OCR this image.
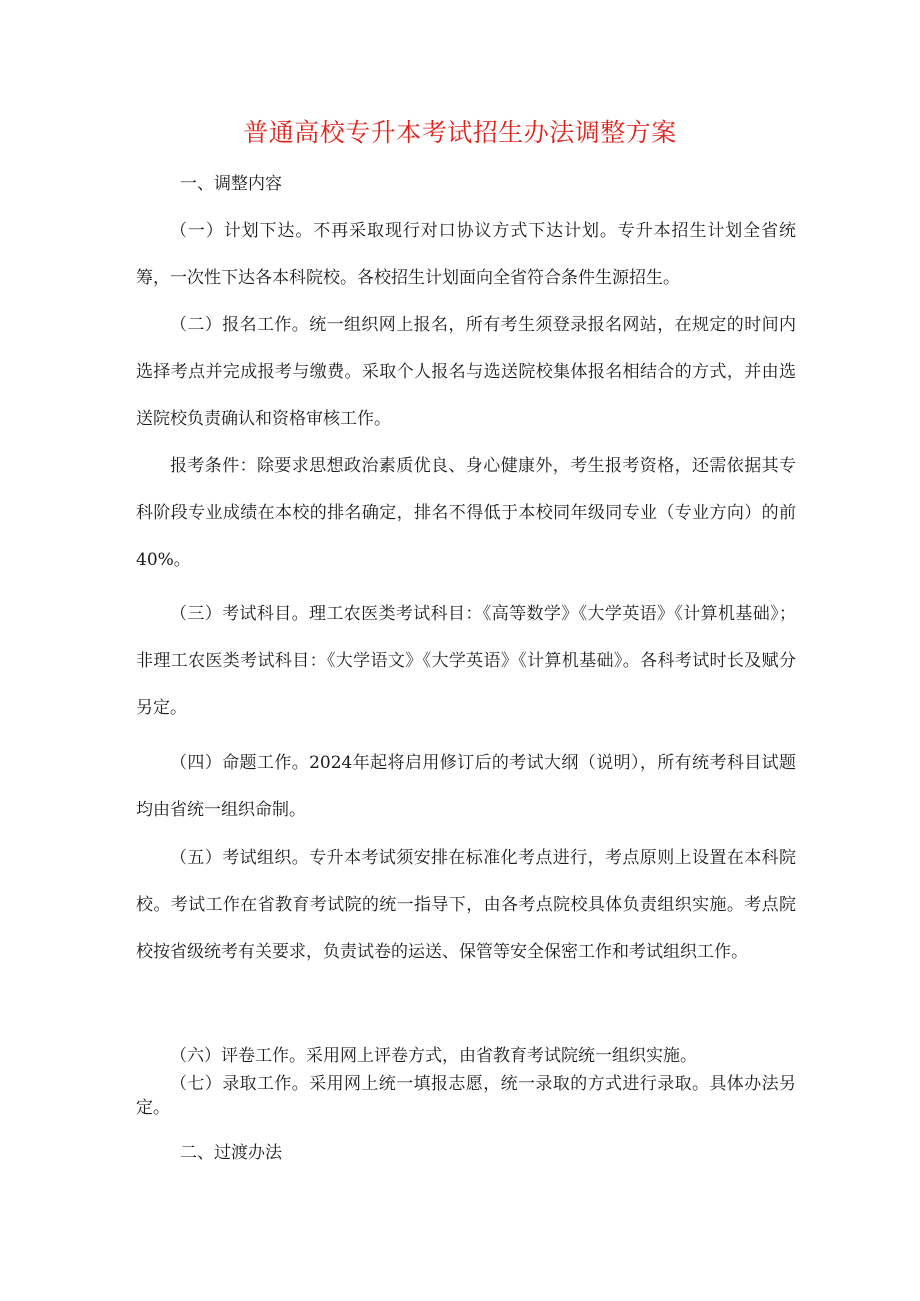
普通高校专升本考试招生办法调整方案

一、调整内容

（一）计划下达。不再采取现行对口协议方式下达计划。专升本招生计划全省统筹，一次性下达各本科院校。各校招生计划面向全省符合条件生源招生。

（二）报名工作。统一组织网上报名，所有考生须登录报名网站，在规定的时间内选择考点并完成报考与缴费。采取个人报名与选送院校集体报名相结合的方式，并由选送院校负责确认和资格审核工作。

报考条件：除要求思想政治素质优良、身心健康外，考生报考资格，还需依据其专科阶段专业成绩在本校的排名确定，排名不得低于本校同年级同专业（专业方向）的前40%。

（三）考试科目。理工农医类考试科目：《高等数学》《大学英语》《计算机基础》；非理工农医类考试科目：《大学语文》《大学英语》《计算机基础》。各科考试时长及赋分另定。

（四）命题工作。2024年起将启用修订后的考试大纲（说明），所有统考科目试题均由省统一组织命制。

（五）考试组织。专升本考试须安排在标准化考点进行，考点原则上设置在本科院校。考试工作在省教育考试院的统一指导下，由各考点院校具体负责组织实施。考点院校按省级统考有关要求，负责试卷的运送、保管等安全保密工作和考试组织工作。

（六）评卷工作。采用网上评卷方式，由省教育考试院统一组织实施。

（七）录取工作。采用网上统一填报志愿，统一录取的方式进行录取。具体办法另定。

二、过渡办法
